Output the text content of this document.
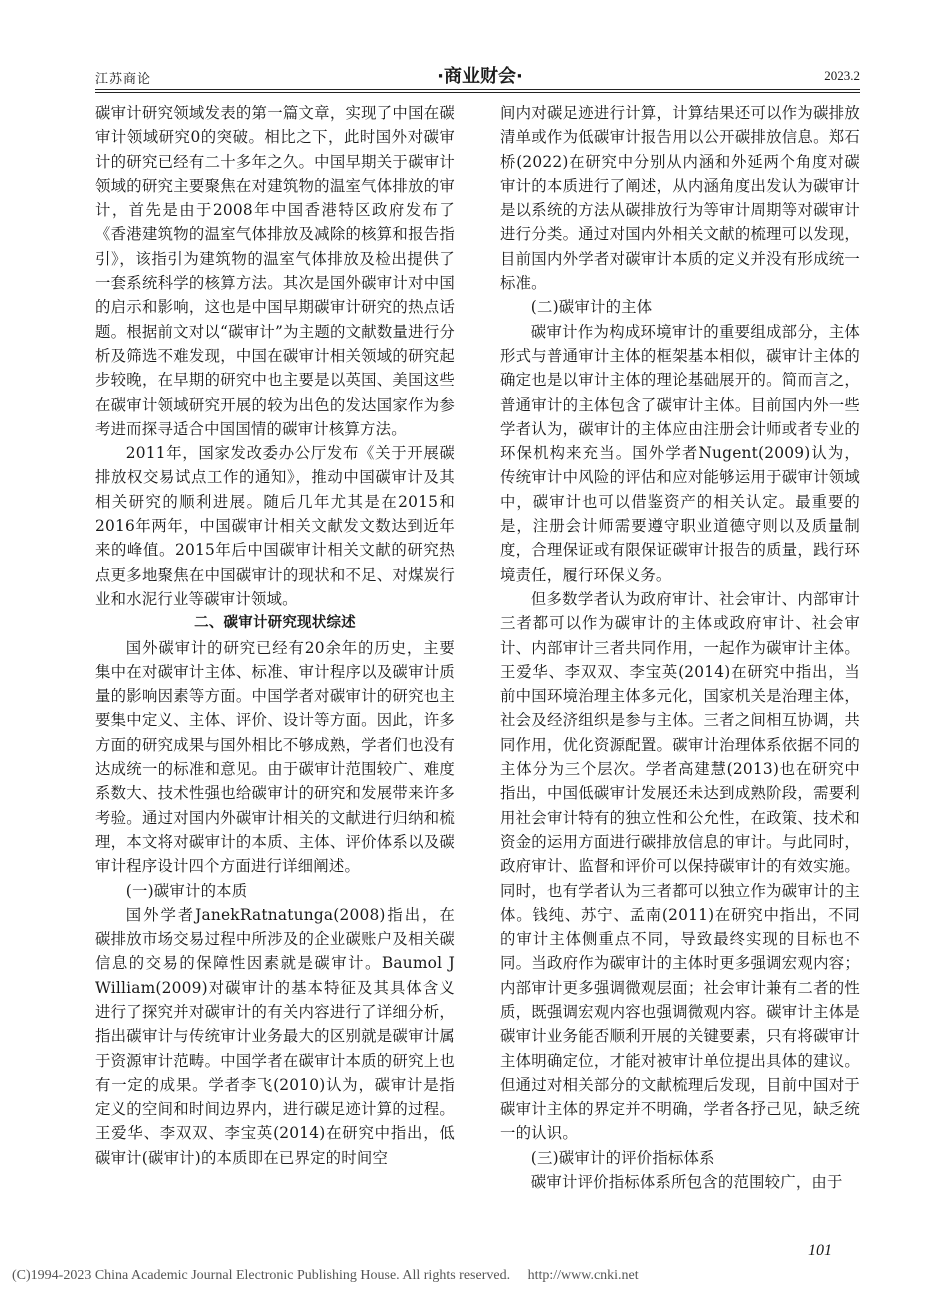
江苏商论	·商业财会·	2023.2

碳审计研究领域发表的第一篇文章，实现了中国在碳审计领域研究0的突破。相比之下，此时国外对碳审计的研究已经有二十多年之久。中国早期关于碳审计领域的研究主要聚焦在对建筑物的温室气体排放的审计，首先是由于2008年中国香港特区政府发布了《香港建筑物的温室气体排放及减除的核算和报告指引》，该指引为建筑物的温室气体排放及检出提供了一套系统科学的核算方法。其次是国外碳审计对中国的启示和影响，这也是中国早期碳审计研究的热点话题。根据前文对以“碳审计”为主题的文献数量进行分析及筛选不难发现，中国在碳审计相关领域的研究起步较晚，在早期的研究中也主要是以英国、美国这些在碳审计领域研究开展的较为出色的发达国家作为参考进而探寻适合中国国情的碳审计核算方法。

2011年，国家发改委办公厅发布《关于开展碳排放权交易试点工作的通知》，推动中国碳审计及其相关研究的顺利进展。随后几年尤其是在2015和2016年两年，中国碳审计相关文献发文数达到近年来的峰值。2015年后中国碳审计相关文献的研究热点更多地聚焦在中国碳审计的现状和不足、对煤炭行业和水泥行业等碳审计领域。

二、碳审计研究现状综述

国外碳审计的研究已经有20余年的历史，主要集中在对碳审计主体、标准、审计程序以及碳审计质量的影响因素等方面。中国学者对碳审计的研究也主要集中定义、主体、评价、设计等方面。因此，许多方面的研究成果与国外相比不够成熟，学者们也没有达成统一的标准和意见。由于碳审计范围较广、难度系数大、技术性强也给碳审计的研究和发展带来许多考验。通过对国内外碳审计相关的文献进行归纳和梳理，本文将对碳审计的本质、主体、评价体系以及碳审计程序设计四个方面进行详细阐述。

(一)碳审计的本质

国外学者JanekRatnatunga(2008)指出，在碳排放市场交易过程中所涉及的企业碳账户及相关碳信息的交易的保障性因素就是碳审计。Baumol J William(2009)对碳审计的基本特征及其具体含义进行了探究并对碳审计的有关内容进行了详细分析，指出碳审计与传统审计业务最大的区别就是碳审计属于资源审计范畴。中国学者在碳审计本质的研究上也有一定的成果。学者李飞(2010)认为，碳审计是指定义的空间和时间边界内，进行碳足迹计算的过程。王爱华、李双双、李宝英(2014)在研究中指出，低碳审计(碳审计)的本质即在已界定的时间空

间内对碳足迹进行计算，计算结果还可以作为碳排放清单或作为低碳审计报告用以公开碳排放信息。郑石桥(2022)在研究中分别从内涵和外延两个角度对碳审计的本质进行了阐述，从内涵角度出发认为碳审计是以系统的方法从碳排放行为等审计周期等对碳审计进行分类。通过对国内外相关文献的梳理可以发现，目前国内外学者对碳审计本质的定义并没有形成统一标准。

(二)碳审计的主体

碳审计作为构成环境审计的重要组成部分，主体形式与普通审计主体的框架基本相似，碳审计主体的确定也是以审计主体的理论基础展开的。简而言之，普通审计的主体包含了碳审计主体。目前国内外一些学者认为，碳审计的主体应由注册会计师或者专业的环保机构来充当。国外学者Nugent(2009)认为，传统审计中风险的评估和应对能够运用于碳审计领域中，碳审计也可以借鉴资产的相关认定。最重要的是，注册会计师需要遵守职业道德守则以及质量制度，合理保证或有限保证碳审计报告的质量，践行环境责任，履行环保义务。

但多数学者认为政府审计、社会审计、内部审计三者都可以作为碳审计的主体或政府审计、社会审计、内部审计三者共同作用，一起作为碳审计主体。王爱华、李双双、李宝英(2014)在研究中指出，当前中国环境治理主体多元化，国家机关是治理主体，社会及经济组织是参与主体。三者之间相互协调，共同作用，优化资源配置。碳审计治理体系依据不同的主体分为三个层次。学者高建慧(2013)也在研究中指出，中国低碳审计发展还未达到成熟阶段，需要利用社会审计特有的独立性和公允性，在政策、技术和资金的运用方面进行碳排放信息的审计。与此同时，政府审计、监督和评价可以保持碳审计的有效实施。同时，也有学者认为三者都可以独立作为碳审计的主体。钱纯、苏宁、孟南(2011)在研究中指出，不同的审计主体侧重点不同，导致最终实现的目标也不同。当政府作为碳审计的主体时更多强调宏观内容；内部审计更多强调微观层面；社会审计兼有二者的性质，既强调宏观内容也强调微观内容。碳审计主体是碳审计业务能否顺利开展的关键要素，只有将碳审计主体明确定位，才能对被审计单位提出具体的建议。但通过对相关部分的文献梳理后发现，目前中国对于碳审计主体的界定并不明确，学者各抒己见，缺乏统一的认识。

(三)碳审计的评价指标体系

碳审计评价指标体系所包含的范围较广，由于

101
(C)1994-2023 China Academic Journal Electronic Publishing House. All rights reserved. http://www.cnki.net
